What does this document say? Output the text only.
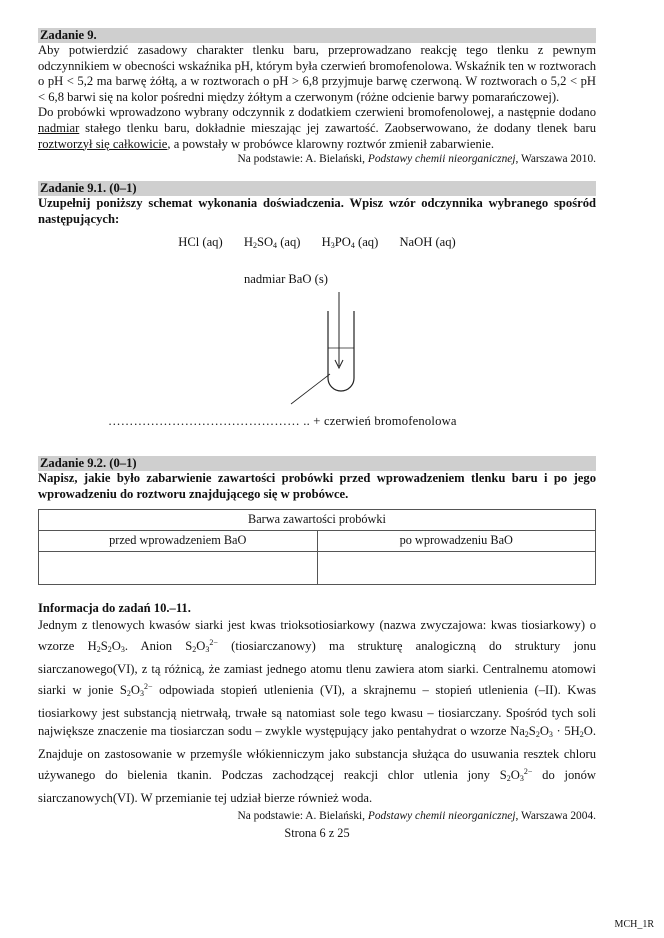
Zadanie 9.

Aby potwierdzić zasadowy charakter tlenku baru, przeprowadzano reakcję tego tlenku z pewnym odczynnikiem w obecności wskaźnika pH, którym była czerwień bromofenolowa. Wskaźnik ten w roztworach o pH < 5,2 ma barwę żółtą, a w roztworach o pH > 6,8 przyjmuje barwę czerwoną. W roztworach o 5,2 < pH < 6,8 barwi się na kolor pośredni między żółtym a czerwonym (różne odcienie barwy pomarańczowej).

Do probówki wprowadzono wybrany odczynnik z dodatkiem czerwieni bromofenolowej, a następnie dodano nadmiar stałego tlenku baru, dokładnie mieszając jej zawartość. Zaobserwowano, że dodany tlenek baru roztworzył się całkowicie, a powstały w probówce klarowny roztwór zmienił zabarwienie.

Na podstawie: A. Bielański, Podstawy chemii nieorganicznej, Warszawa 2010.
Zadanie 9.1. (0–1)

Uzupełnij poniższy schemat wykonania doświadczenia. Wpisz wzór odczynnika wybranego spośród następujących:

HCl (aq) $H_2SO_4$ (aq) $H_3PO_4$ (aq) NaOH (aq)
nadmiar BaO (s)
……………………………………… .. + czerwień bromofenolowa
Zadanie 9.2. (0–1)

Napisz, jakie było zabarwienie zawartości probówki przed wprowadzeniem tlenku baru i po jego wprowadzeniu do roztworu znajdującego się w probówce.

Barwa zawartości probówki	
przed wprowadzeniem BaO	po wprowadzeniu BaO

Informacja do zadań 10.–11.

Jednym z tlenowych kwasów siarki jest kwas trioksotiosiarkowy (nazwa zwyczajowa: kwas tiosiarkowy) o wzorze $H_2S_2O_3$. Anion $S_2O_3^{2-}$ (tiosiarczanowy) ma strukturę analogiczną do struktury jonu siarczanowego(VI), z tą różnicą, że zamiast jednego atomu tlenu zawiera atom siarki. Centralnemu atomowi siarki w jonie $S_2O_3^{2-}$ odpowiada stopień utlenienia (VI), a skrajnemu – stopień utlenienia (–II). Kwas tiosiarkowy jest substancją nietrwałą, trwałe są natomiast sole tego kwasu – tiosiarczany. Spośród tych soli największe znaczenie ma tiosiarczan sodu – zwykle występujący jako pentahydrat o wzorze $Na_2S_2O_3 \cdot 5H_2O$. Znajduje on zastosowanie w przemyśle włókienniczym jako substancja służąca do usuwania resztek chloru używanego do bielenia tkanin. Podczas zachodzącej reakcji chlor utlenia jony $S_2O_3^{2-}$ do jonów siarczanowych(VI). W przemianie tej udział bierze również woda.

Na podstawie: A. Bielański, Podstawy chemii nieorganicznej, Warszawa 2004.
Strona 6 z 25
MCH_1R
